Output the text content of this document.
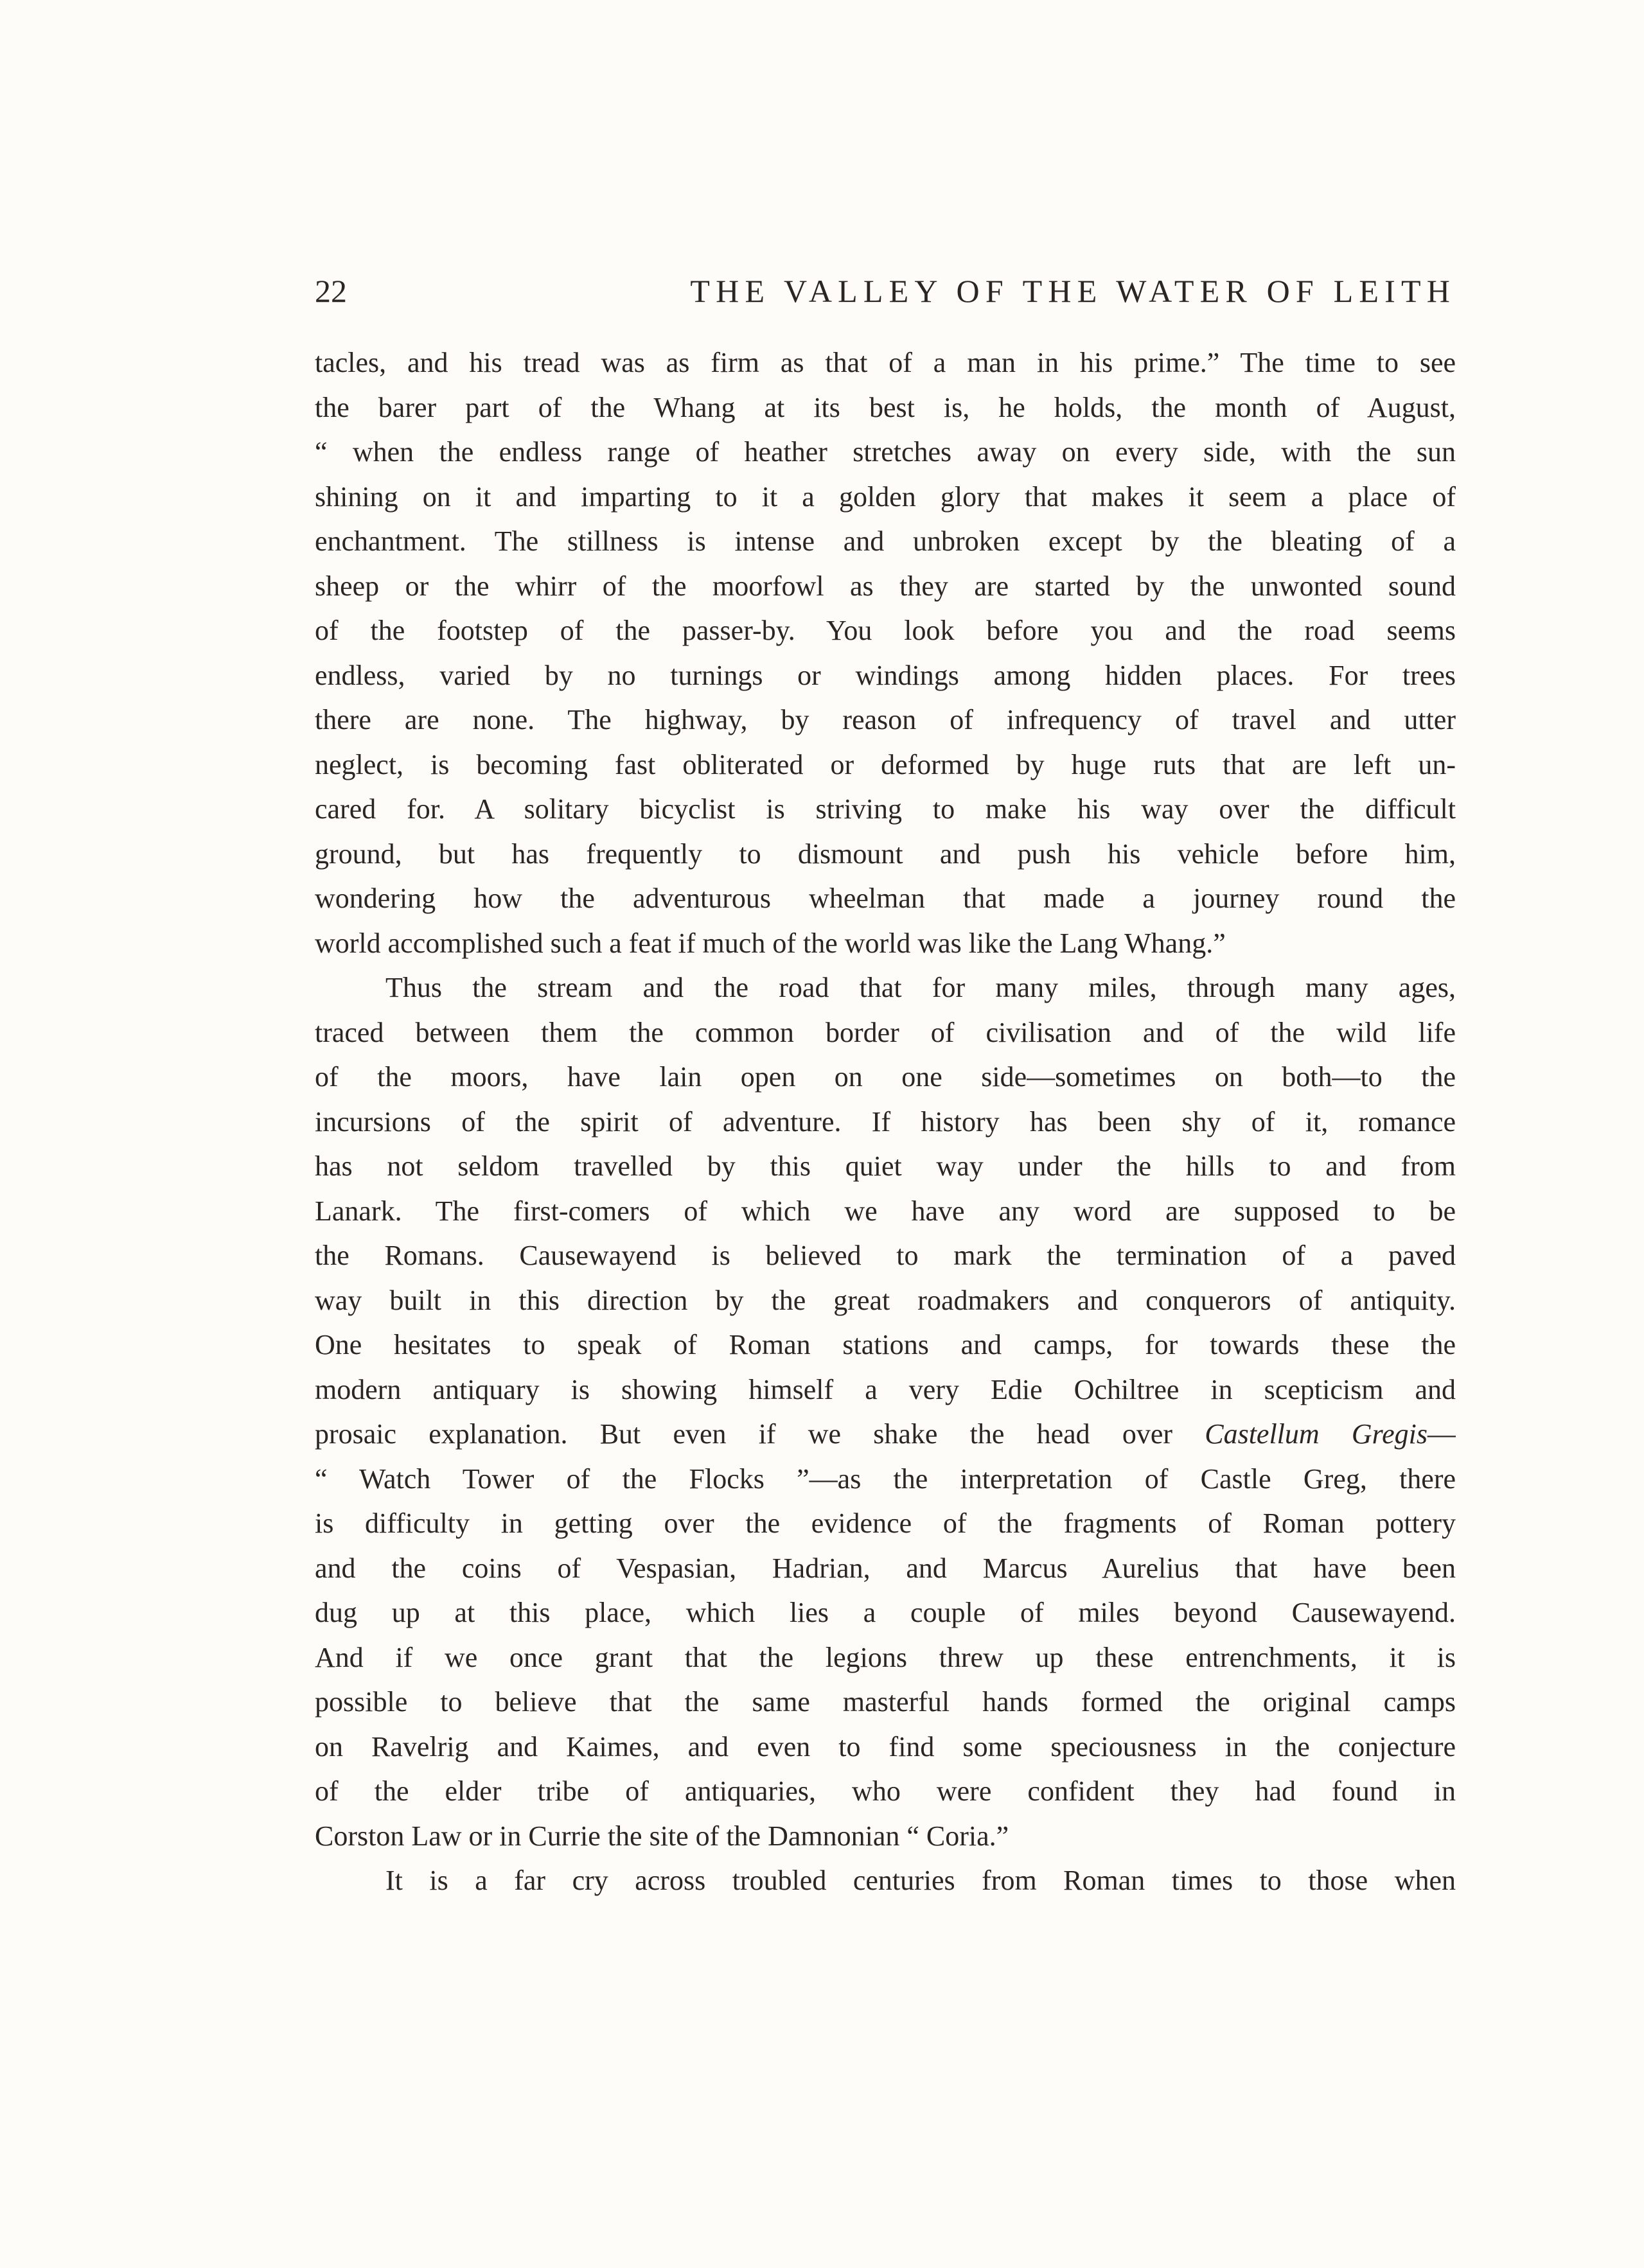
22	THE VALLEY OF THE WATER OF LEITH
tacles, and his tread was as firm as that of a man in his prime.” The time to see
the barer part of the Whang at its best is, he holds, the month of August,
“ when the endless range of heather stretches away on every side, with the sun
shining on it and imparting to it a golden glory that makes it seem a place of
enchantment. The stillness is intense and unbroken except by the bleating of a
sheep or the whirr of the moorfowl as they are started by the unwonted sound
of the footstep of the passer-by. You look before you and the road seems
endless, varied by no turnings or windings among hidden places. For trees
there are none. The highway, by reason of infrequency of travel and utter
neglect, is becoming fast obliterated or deformed by huge ruts that are left un-
cared for. A solitary bicyclist is striving to make his way over the difficult
ground, but has frequently to dismount and push his vehicle before him,
wondering how the adventurous wheelman that made a journey round the
world accomplished such a feat if much of the world was like the Lang Whang.”
Thus the stream and the road that for many miles, through many ages,
traced between them the common border of civilisation and of the wild life
of the moors, have lain open on one side—sometimes on both—to the
incursions of the spirit of adventure. If history has been shy of it, romance
has not seldom travelled by this quiet way under the hills to and from
Lanark. The first-comers of which we have any word are supposed to be
the Romans. Causewayend is believed to mark the termination of a paved
way built in this direction by the great roadmakers and conquerors of antiquity.
One hesitates to speak of Roman stations and camps, for towards these the
modern antiquary is showing himself a very Edie Ochiltree in scepticism and
prosaic explanation. But even if we shake the head over Castellum Gregis—
“ Watch Tower of the Flocks ”—as the interpretation of Castle Greg, there
is difficulty in getting over the evidence of the fragments of Roman pottery
and the coins of Vespasian, Hadrian, and Marcus Aurelius that have been
dug up at this place, which lies a couple of miles beyond Causewayend.
And if we once grant that the legions threw up these entrenchments, it is
possible to believe that the same masterful hands formed the original camps
on Ravelrig and Kaimes, and even to find some speciousness in the conjecture
of the elder tribe of antiquaries, who were confident they had found in
Corston Law or in Currie the site of the Damnonian “ Coria.”
It is a far cry across troubled centuries from Roman times to those when
